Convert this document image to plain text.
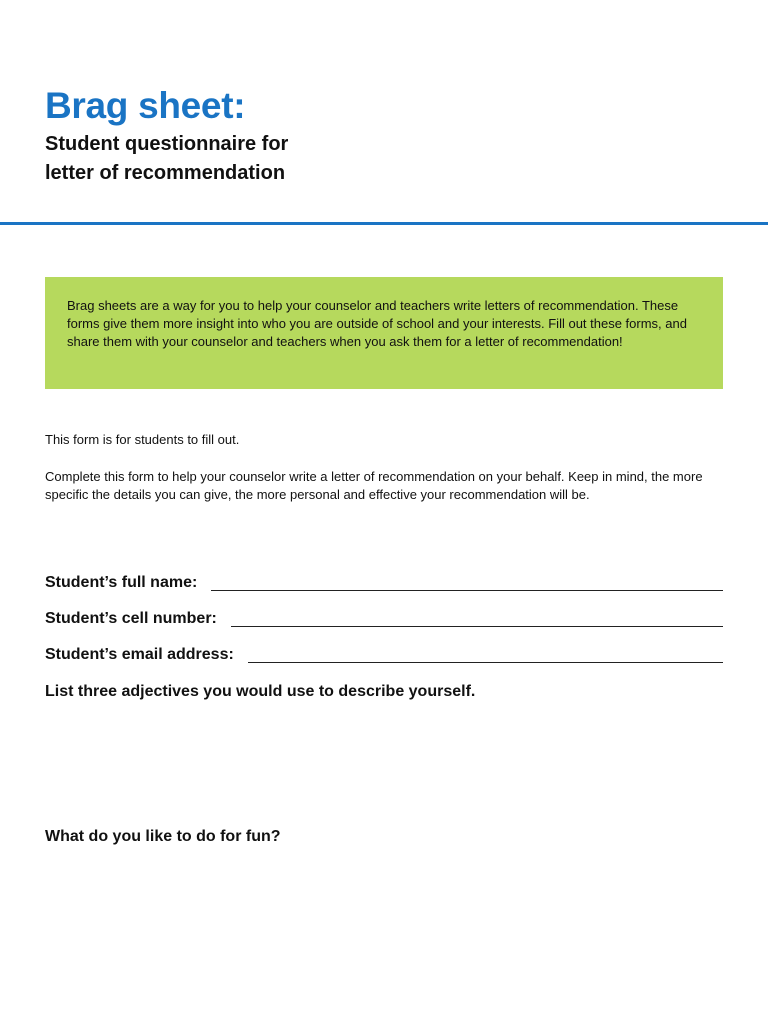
Brag sheet:
Student questionnaire for
letter of recommendation
Brag sheets are a way for you to help your counselor and teachers write letters of recommendation. These forms give them more insight into who you are outside of school and your interests. Fill out these forms, and share them with your counselor and teachers when you ask them for a letter of recommendation!
This form is for students to fill out.
Complete this form to help your counselor write a letter of recommendation on your behalf. Keep in mind, the more specific the details you can give, the more personal and effective your recommendation will be.
Student’s full name:
Student’s cell number:
Student’s email address:
List three adjectives you would use to describe yourself.
What do you like to do for fun?
